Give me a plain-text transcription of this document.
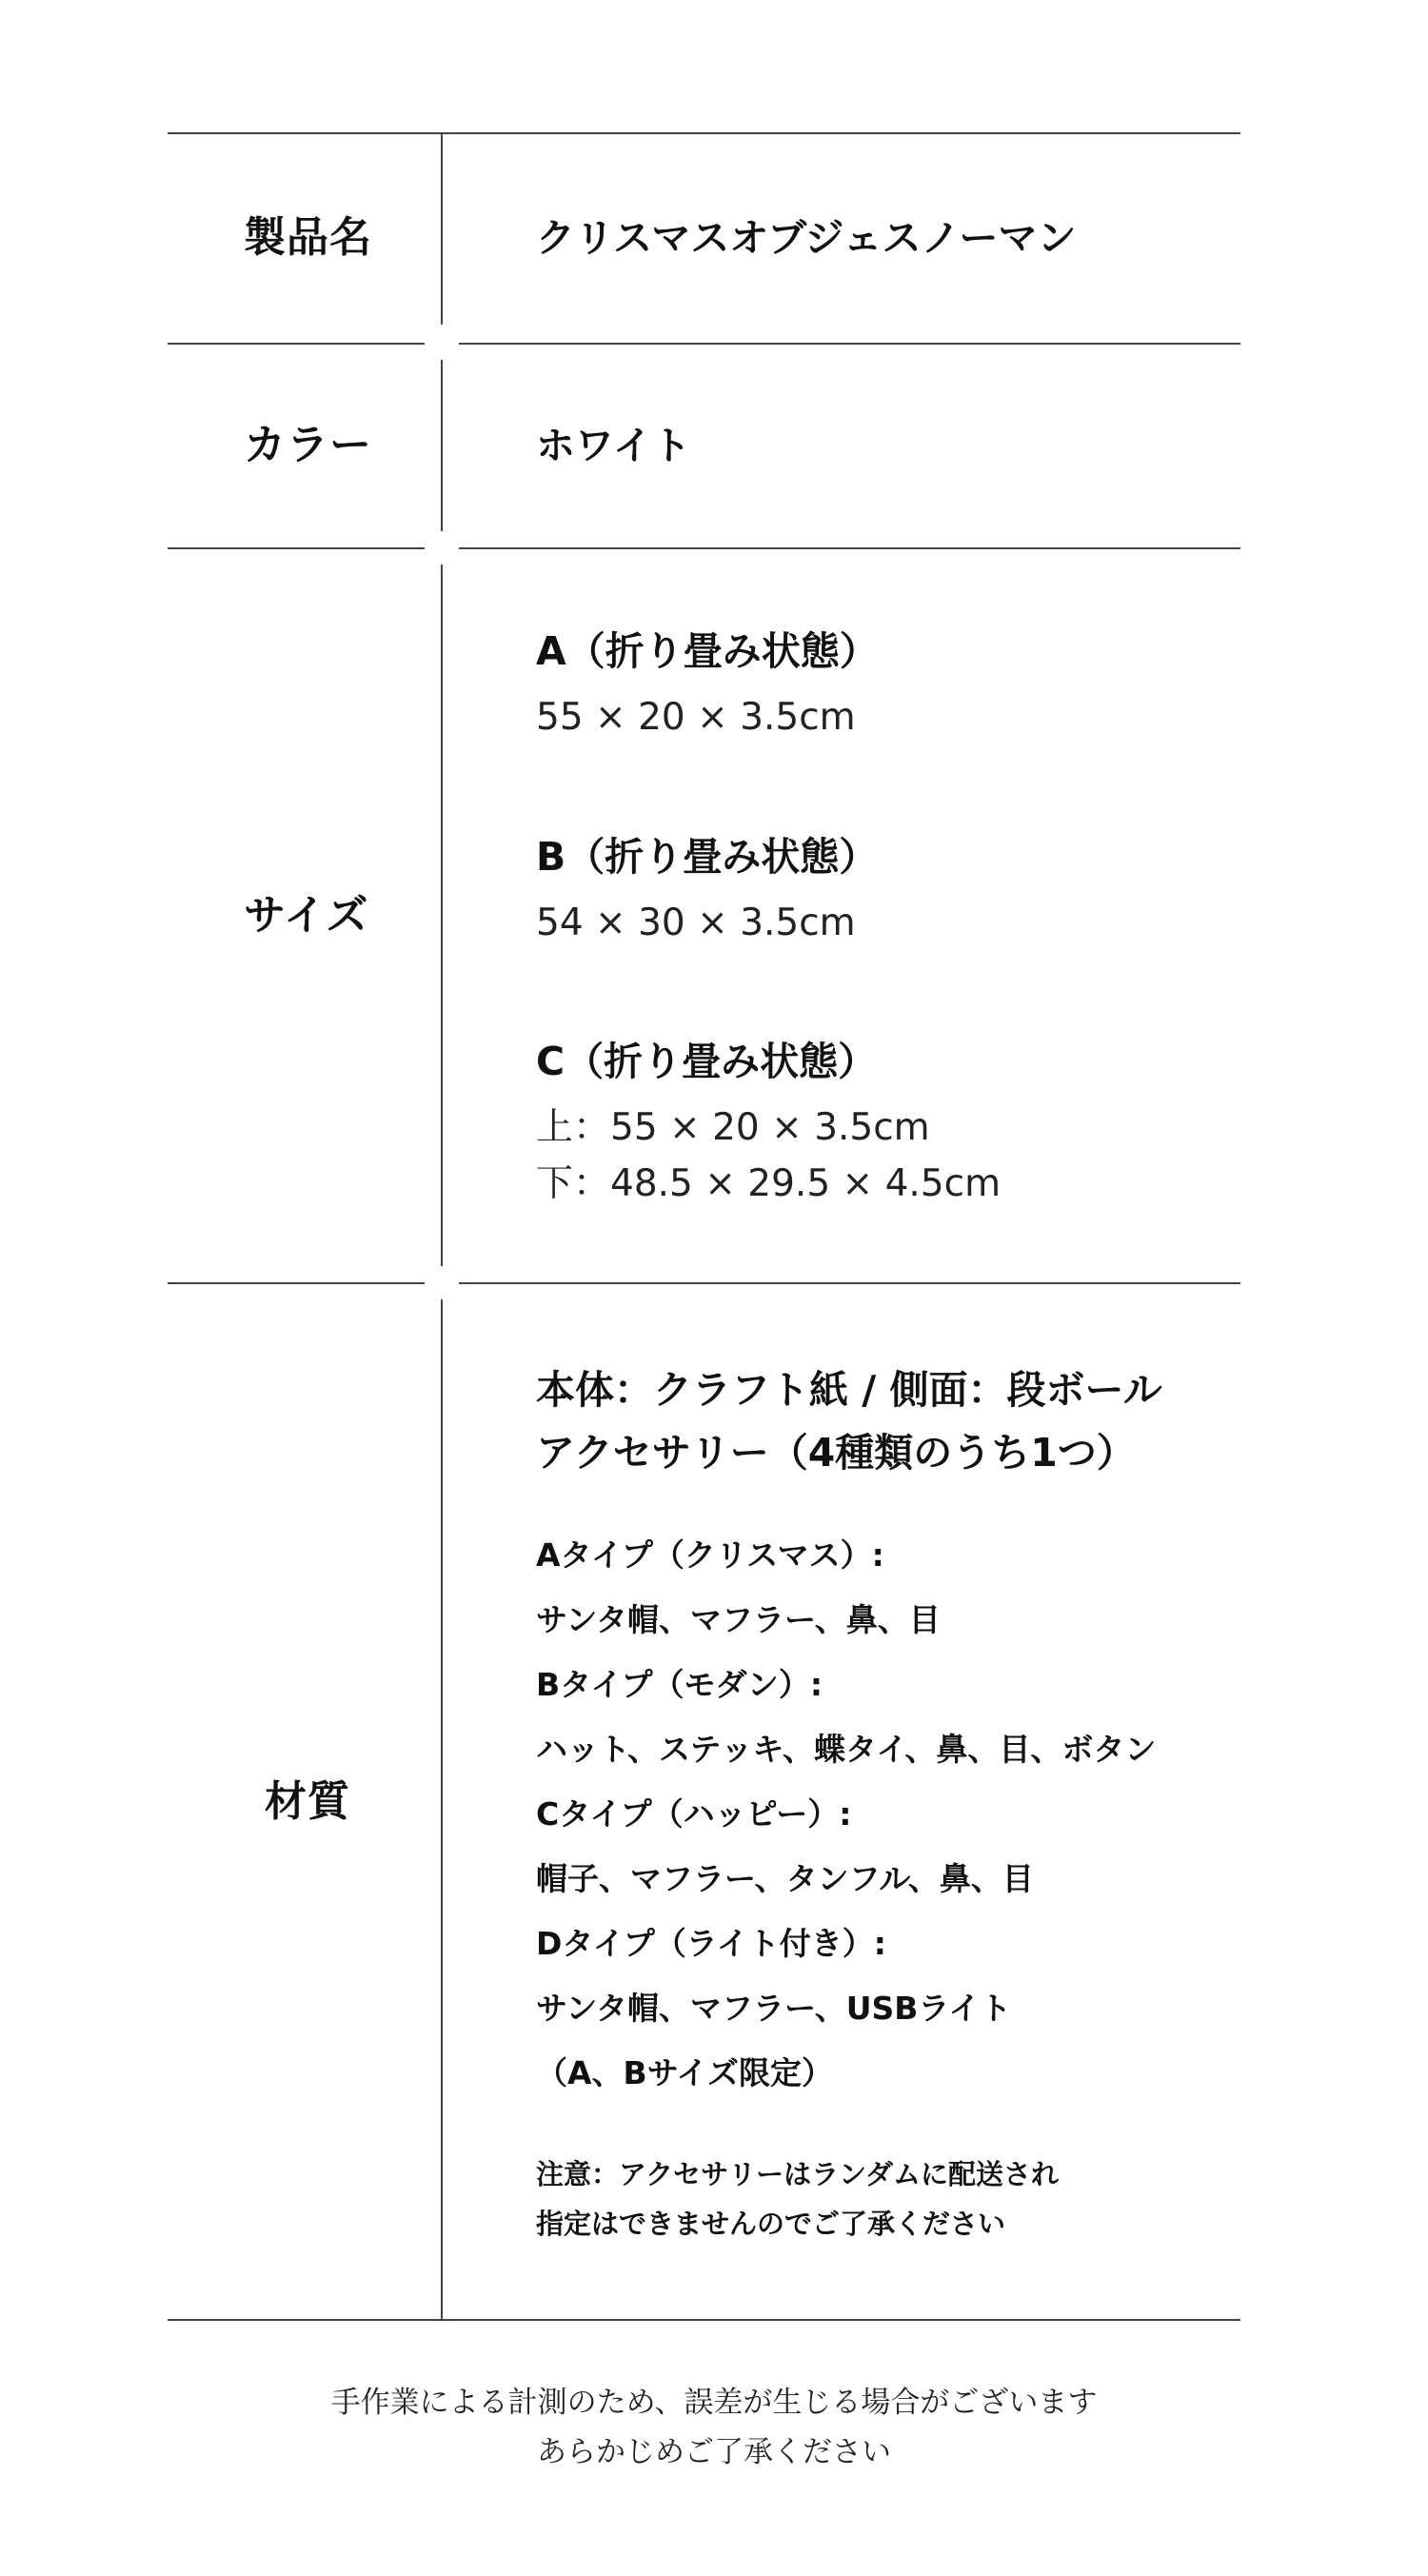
製品名	クリスマスオブジェスノーマン
カラー	ホワイト
サイズ
A（折り畳み状態）
55 × 20 × 3.5cm
B（折り畳み状態）
54 × 30 × 3.5cm
C（折り畳み状態）
上：55 × 20 × 3.5cm
下：48.5 × 29.5 × 4.5cm
材質
本体：クラフト紙 / 側面：段ボール
アクセサリー（4種類のうち1つ）
Aタイプ（クリスマス）:
サンタ帽、マフラー、鼻、目
Bタイプ（モダン）:
ハット、ステッキ、蝶タイ、鼻、目、ボタン
Cタイプ（ハッピー）:
帽子、マフラー、タンフル、鼻、目
Dタイプ（ライト付き）:
サンタ帽、マフラー、USBライト
（A、Bサイズ限定）
注意：アクセサリーはランダムに配送され
指定はできませんのでご了承ください
手作業による計測のため、誤差が生じる場合がございます
あらかじめご了承ください
